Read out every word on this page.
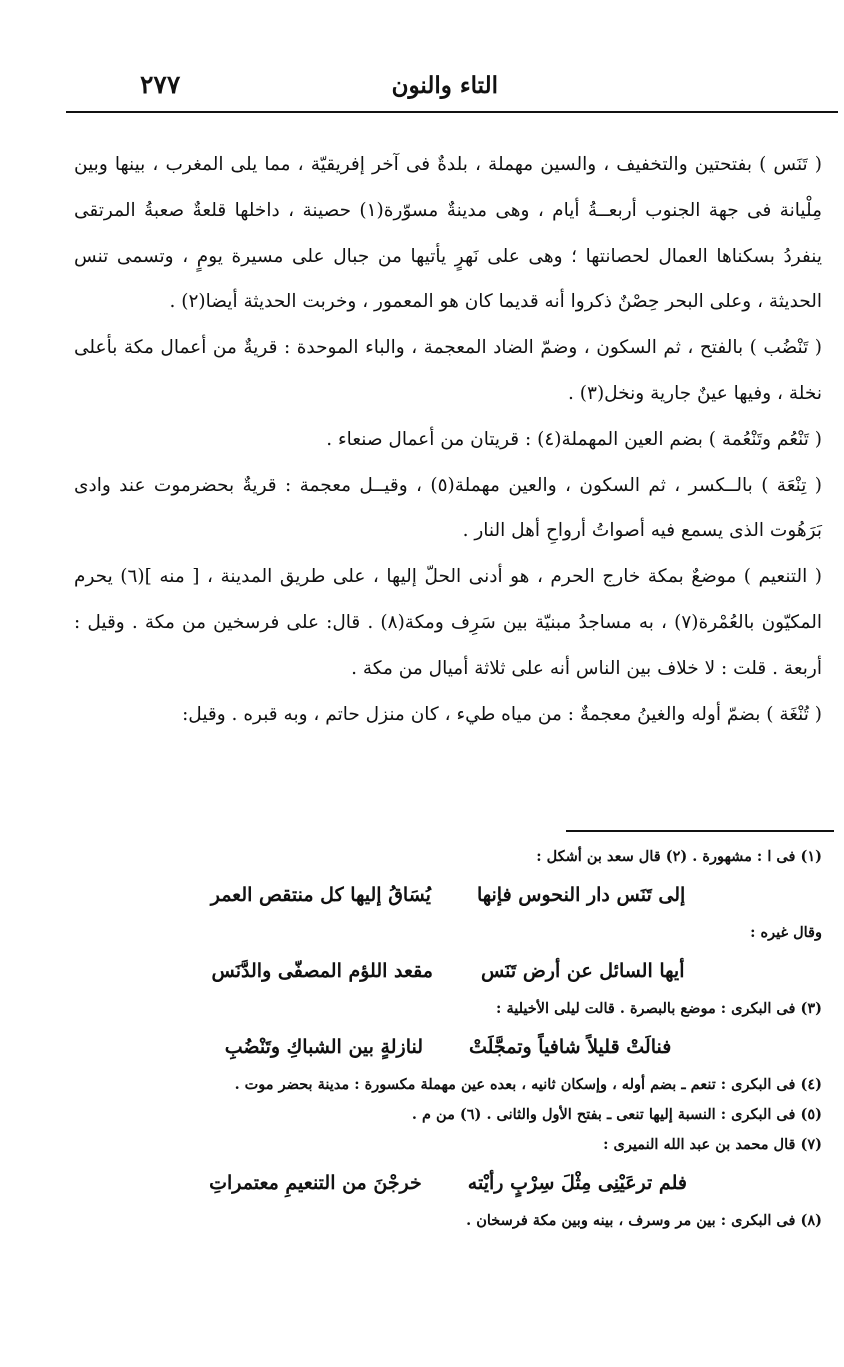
التاء والنون
٢٧٧

( تَنَس ) بفتحتين والتخفيف ، والسين مهملة ، بلدةٌ فى آخر إفريقيّة ، مما يلى المغرب ، بينها وبين مِلْيانة فى جهة الجنوب أربعــةُ أيام ، وهى مدينةٌ مسوّرة(١) حصينة ، داخلها قلعةٌ صعبةُ المرتقى ينفردُ بسكناها العمال لحصانتها ؛ وهى على نَهرٍ يأتيها من جبال على مسيرة يومٍ ، وتسمى تنس الحديثة ، وعلى البحر حِصْنٌ ذكروا أنه قديما كان هو المعمور ، وخربت الحديثة أيضا(٢) .

( تَنْضُب ) بالفتح ، ثم السكون ، وضمّ الضاد المعجمة ، والباء الموحدة : قريةٌ من أعمال مكة بأعلى نخلة ، وفيها عينٌ جارية ونخل(٣) .

( تَنْعُم وتَنْعُمة ) بضم العين المهملة(٤) : قريتان من أعمال صنعاء .

( تِنْعَة ) بالــكسر ، ثم السكون ، والعين مهملة(٥) ، وقيــل معجمة : قريةٌ بحضرموت عند وادى بَرَهُوت الذى يسمع فيه أصواتُ أرواحِ أهل النار .

( التنعيم ) موضعٌ بمكة خارج الحرم ، هو أدنى الحلّ إليها ، على طريق المدينة ، [ منه ](٦) يحرم المكيّون بالعُمْرة(٧) ، به مساجدُ مبنيّة بين سَرِف ومكة(٨) . قال: على فرسخين من مكة . وقيل : أربعة . قلت : لا خلاف بين الناس أنه على ثلاثة أميال من مكة .

( تُنْغَة ) بضمّ أوله والغينُ معجمةٌ : من مياه طيء ، كان منزل حاتم ، وبه قبره . وقيل:

(١) فى ا : مشهورة . (٢) قال سعد بن أشكل :
إلى تَنَس دار النحوس فإنها
يُسَاقُ إليها كل منتقص العمر
وقال غيره :
أيها السائل عن أرض تَنَس
مقعد اللؤم المصفّى والدَّنَس
(٣) فى البكرى : موضع بالبصرة . قالت ليلى الأخيلية :
فنالَتْ قليلاً شافياً وتمجَّلَتْ
لنازلةٍ بين الشباكِ وتَنْضُبِ
(٤) فى البكرى : تنعم ـ بضم أوله ، وإسكان ثانيه ، بعده عين مهملة مكسورة : مدينة بحضر موت .
(٥) فى البكرى : النسبة إليها تنعى ـ بفتح الأول والثانى . (٦) من م .
(٧) قال محمد بن عبد الله النميرى :
فلم ترعَيْنِى مِثْلَ سِرْبٍ رأيْته
خرجْنَ من التنعيمِ معتمراتِ
(٨) فى البكرى : بين مر وسرف ، بينه وبين مكة فرسخان .
